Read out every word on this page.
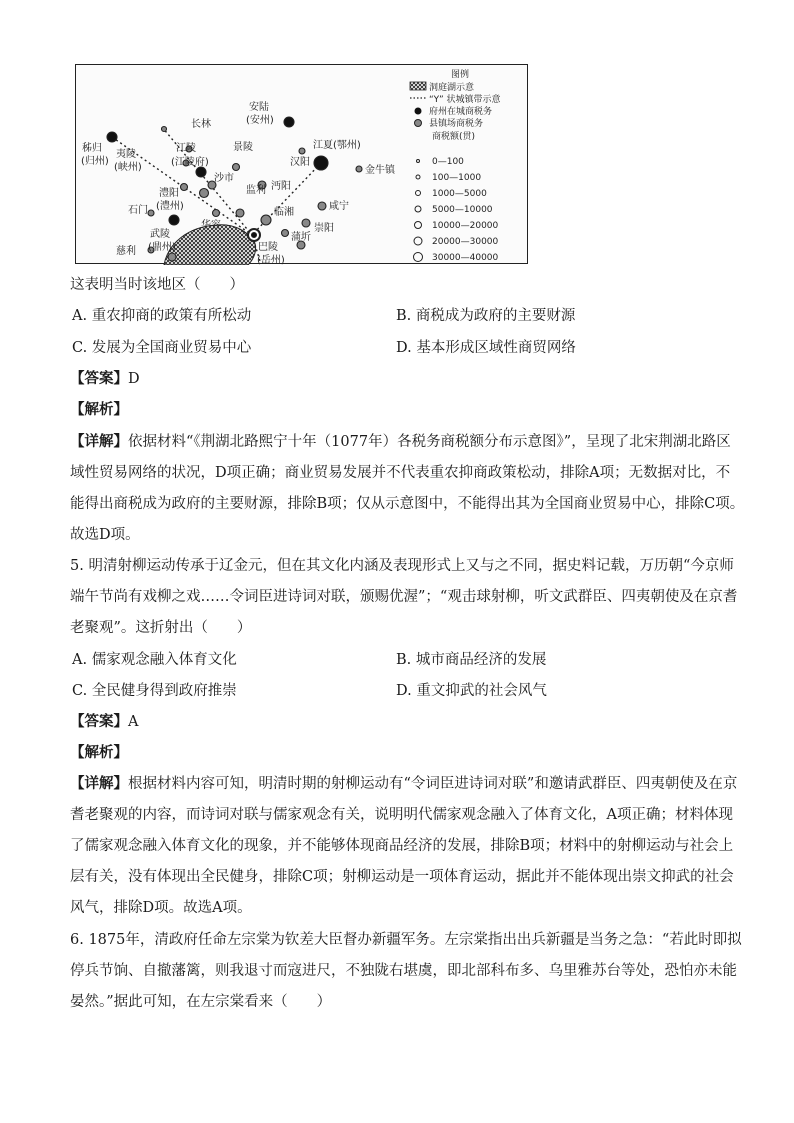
安陆
(安州)
长林
秭归
(归州)
夷陵
(峡州)
江陵
(江陵府)
景陵	江夏(鄂州)
汉阳
金牛镇
沙市
沔阳
澧阳
(澧州)
监利
咸宁
石门
华容
临湘
蒲圻
崇阳
武陵
(鼎州)	巴陵
(岳州)
慈利
图例
洞庭湖示意
“Y” 状城镇带示意
府州在城商税务
县镇场商税务
商税额(贯)
0—100
100—1000
1000—5000
5000—10000
10000—20000
20000—30000
30000—40000
这表明当时该地区（　　）
A. 重农抑商的政策有所松动	B. 商税成为政府的主要财源
C. 发展为全国商业贸易中心	D. 基本形成区域性商贸网络
【答案】D
【解析】
【详解】依据材料“《荆湖北路熙宁十年（1077年）各税务商税额分布示意图》”，呈现了北宋荆湖北路区
域性贸易网络的状况，D项正确；商业贸易发展并不代表重农抑商政策松动，排除A项；无数据对比，不
能得出商税成为政府的主要财源，排除B项；仅从示意图中，不能得出其为全国商业贸易中心，排除C项。
故选D项。
5. 明清射柳运动传承于辽金元，但在其文化内涵及表现形式上又与之不同，据史料记载，万历朝“今京师
端午节尚有戏柳之戏……令词臣进诗词对联，颁赐优渥”；“观击球射柳，听文武群臣、四夷朝使及在京耆
老聚观”。这折射出（　　）
A. 儒家观念融入体育文化	B. 城市商品经济的发展
C. 全民健身得到政府推崇	D. 重文抑武的社会风气
【答案】A
【解析】
【详解】根据材料内容可知，明清时期的射柳运动有“令词臣进诗词对联”和邀请武群臣、四夷朝使及在京
耆老聚观的内容，而诗词对联与儒家观念有关，说明明代儒家观念融入了体育文化，A项正确；材料体现
了儒家观念融入体育文化的现象，并不能够体现商品经济的发展，排除B项；材料中的射柳运动与社会上
层有关，没有体现出全民健身，排除C项；射柳运动是一项体育运动，据此并不能体现出崇文抑武的社会
风气，排除D项。故选A项。
6. 1875年，清政府任命左宗棠为钦差大臣督办新疆军务。左宗棠指出出兵新疆是当务之急：“若此时即拟
停兵节饷、自撤藩篱，则我退寸而寇进尺，不独陇右堪虞，即北部科布多、乌里雅苏台等处，恐怕亦未能
晏然。”据此可知，在左宗棠看来（　　）
